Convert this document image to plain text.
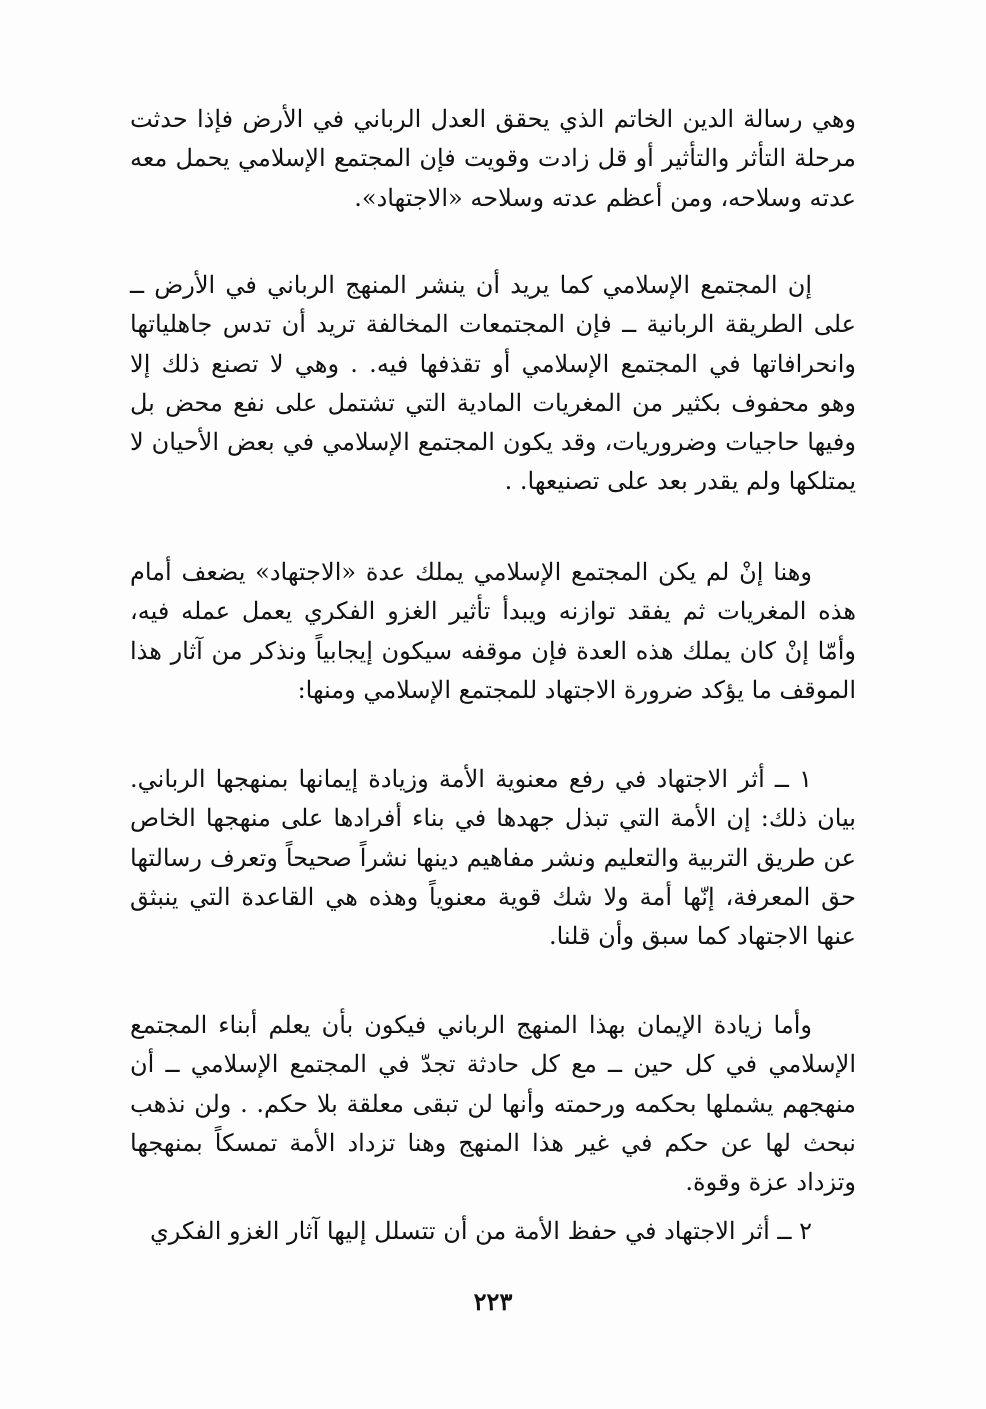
وهي رسالة الدين الخاتم الذي يحقق العدل الرباني في الأرض فإذا حدثت مرحلة التأثر والتأثير أو قل زادت وقويت فإن المجتمع الإسلامي يحمل معه عدته وسلاحه، ومن أعظم عدته وسلاحه «الاجتهاد».

إن المجتمع الإسلامي كما يريد أن ينشر المنهج الرباني في الأرض ــ على الطريقة الربانية ــ فإن المجتمعات المخالفة تريد أن تدس جاهلياتها وانحرافاتها في المجتمع الإسلامي أو تقذفها فيه. . وهي لا تصنع ذلك إلا وهو محفوف بكثير من المغريات المادية التي تشتمل على نفع محض بل وفيها حاجيات وضروريات، وقد يكون المجتمع الإسلامي في بعض الأحيان لا يمتلكها ولم يقدر بعد على تصنيعها. .

وهنا إنْ لم يكن المجتمع الإسلامي يملك عدة «الاجتهاد» يضعف أمام هذه المغريات ثم يفقد توازنه ويبدأ تأثير الغزو الفكري يعمل عمله فيه، وأمّا إنْ كان يملك هذه العدة فإن موقفه سيكون إيجابياً ونذكر من آثار هذا الموقف ما يؤكد ضرورة الاجتهاد للمجتمع الإسلامي ومنها:

١ ــ أثر الاجتهاد في رفع معنوية الأمة وزيادة إيمانها بمنهجها الرباني. بيان ذلك: إن الأمة التي تبذل جهدها في بناء أفرادها على منهجها الخاص عن طريق التربية والتعليم ونشر مفاهيم دينها نشراً صحيحاً وتعرف رسالتها حق المعرفة، إنّها أمة ولا شك قوية معنوياً وهذه هي القاعدة التي ينبثق عنها الاجتهاد كما سبق وأن قلنا.

وأما زيادة الإيمان بهذا المنهج الرباني فيكون بأن يعلم أبناء المجتمع الإسلامي في كل حين ــ مع كل حادثة تجدّ في المجتمع الإسلامي ــ أن منهجهم يشملها بحكمه ورحمته وأنها لن تبقى معلقة بلا حكم. . ولن نذهب نبحث لها عن حكم في غير هذا المنهج وهنا تزداد الأمة تمسكاً بمنهجها وتزداد عزة وقوة.

٢ ــ أثر الاجتهاد في حفظ الأمة من أن تتسلل إليها آثار الغزو الفكري

٢٢٣
